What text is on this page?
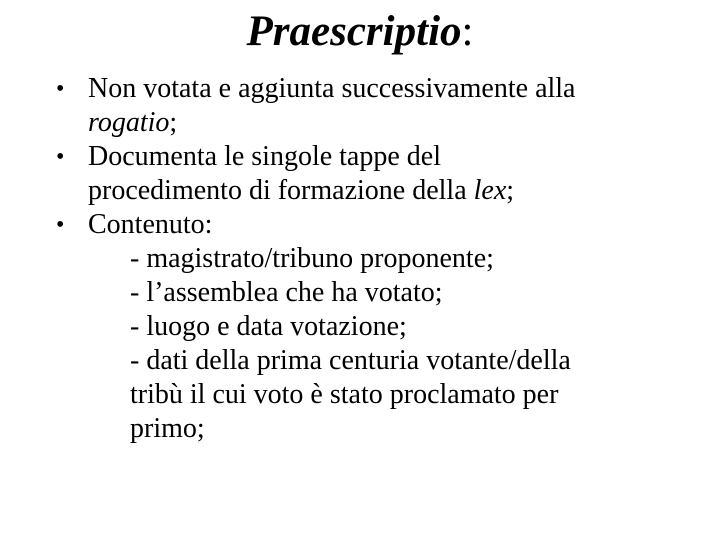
Praescriptio:
• Non votata e aggiunta successivamente alla
rogatio;
• Documenta le singole tappe del
procedimento di formazione della lex;
• Contenuto:
- magistrato/tribuno proponente;
- l’assemblea che ha votato;
- luogo e data votazione;
- dati della prima centuria votante/della
tribù il cui voto è stato proclamato per
primo;
